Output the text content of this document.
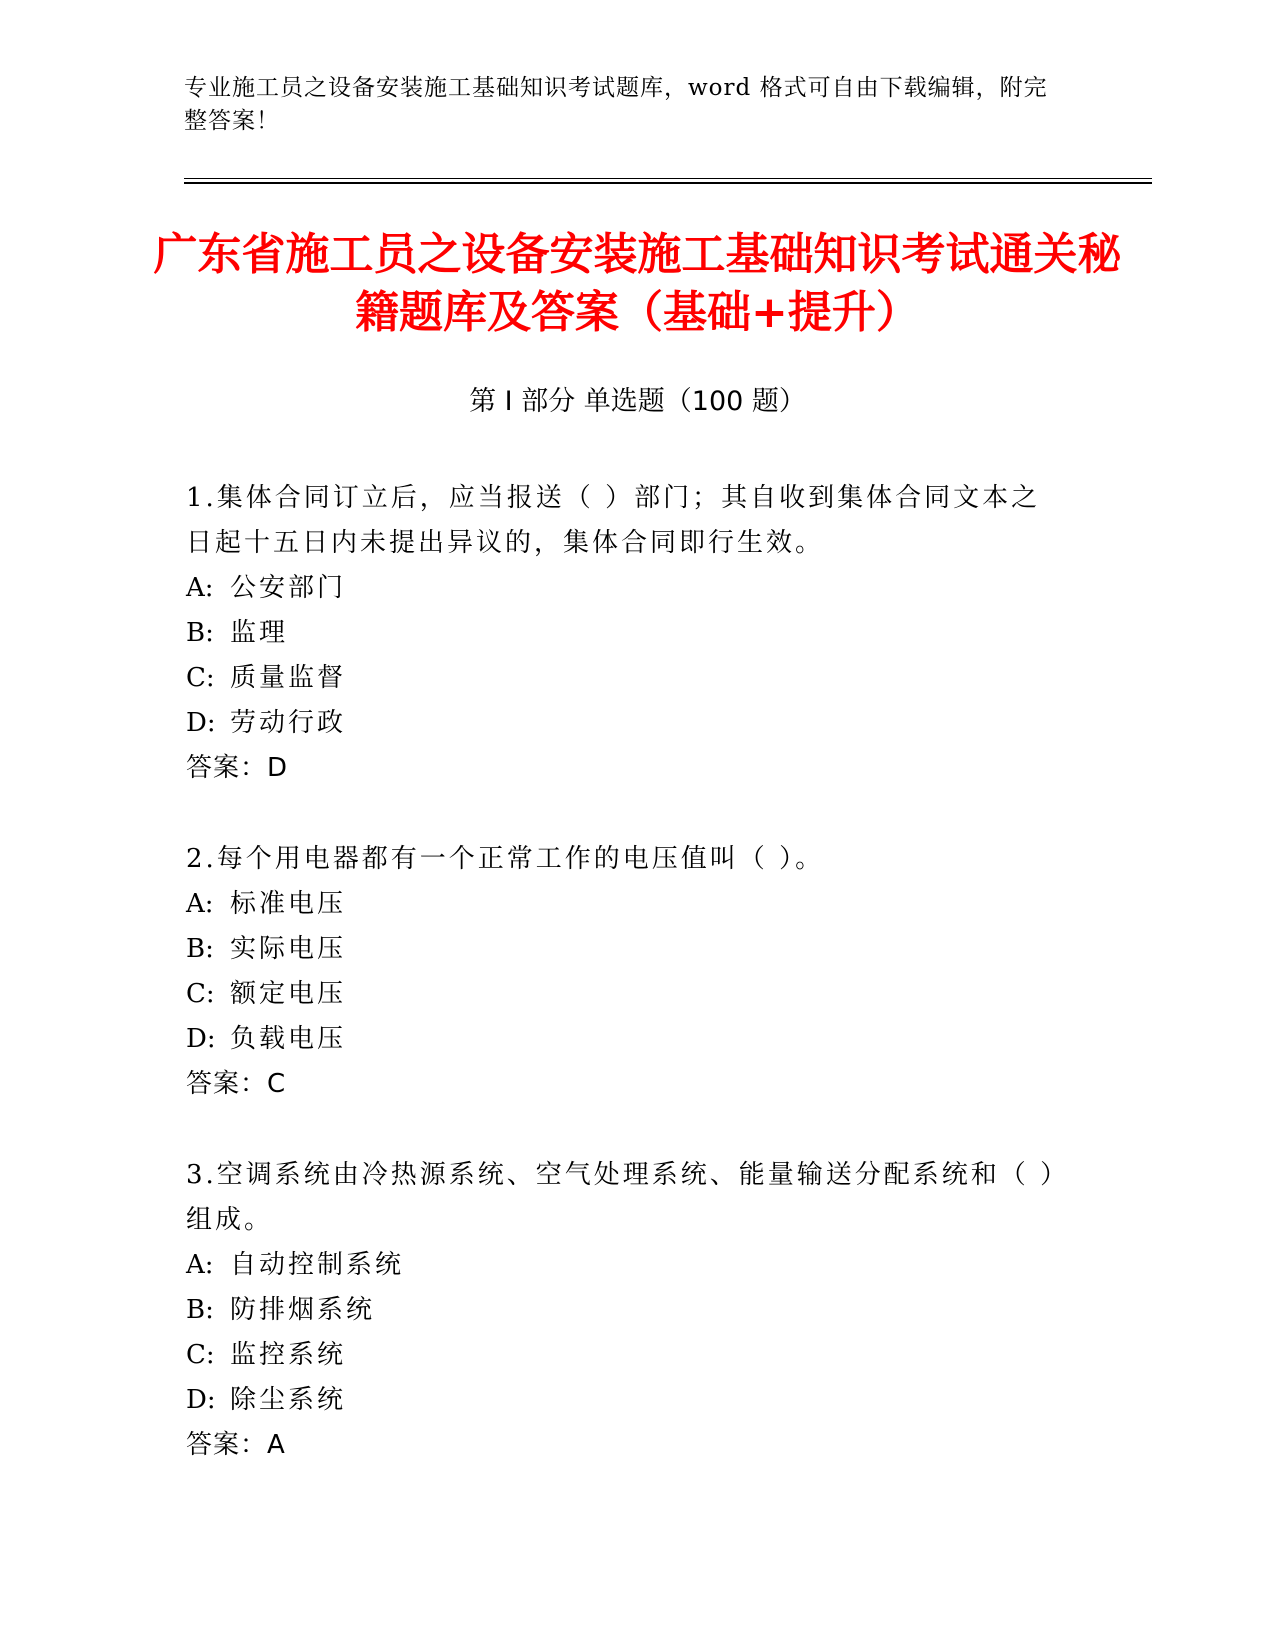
专业施工员之设备安装施工基础知识考试题库，word 格式可自由下载编辑，附完整答案！
广东省施工员之设备安装施工基础知识考试通关秘籍题库及答案（基础+提升）
第 I 部分 单选题（100 题）
1.集体合同订立后，应当报送（ ）部门；其自收到集体合同文本之日起十五日内未提出异议的，集体合同即行生效。
A: 公安部门
B: 监理
C: 质量监督
D: 劳动行政
答案：D
2.每个用电器都有一个正常工作的电压值叫（ ）。
A: 标准电压
B: 实际电压
C: 额定电压
D: 负载电压
答案：C
3.空调系统由冷热源系统、空气处理系统、能量输送分配系统和（ ）组成。
A: 自动控制系统
B: 防排烟系统
C: 监控系统
D: 除尘系统
答案：A
